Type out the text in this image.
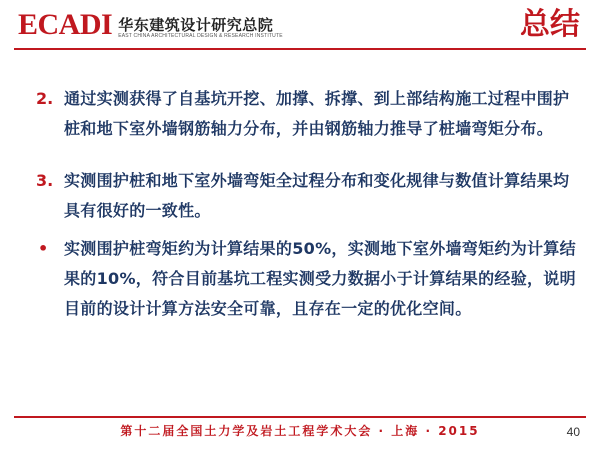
ECADI 华东建筑设计研究总院
EAST CHINA ARCHITECTURAL DESIGN & RESEARCH INSTITUTE	总结
2. 通过实测获得了自基坑开挖、加撑、拆撑、到上部结构施工过程中围护桩和地下室外墙钢筋轴力分布，并由钢筋轴力推导了桩墙弯矩分布。
3. 实测围护桩和地下室外墙弯矩全过程分布和变化规律与数值计算结果均具有很好的一致性。
• 实测围护桩弯矩约为计算结果的50%，实测地下室外墙弯矩约为计算结果的10%，符合目前基坑工程实测受力数据小于计算结果的经验，说明目前的设计计算方法安全可靠，且存在一定的优化空间。
第十二届全国土力学及岩土工程学术大会 · 上海 · 2015	40
